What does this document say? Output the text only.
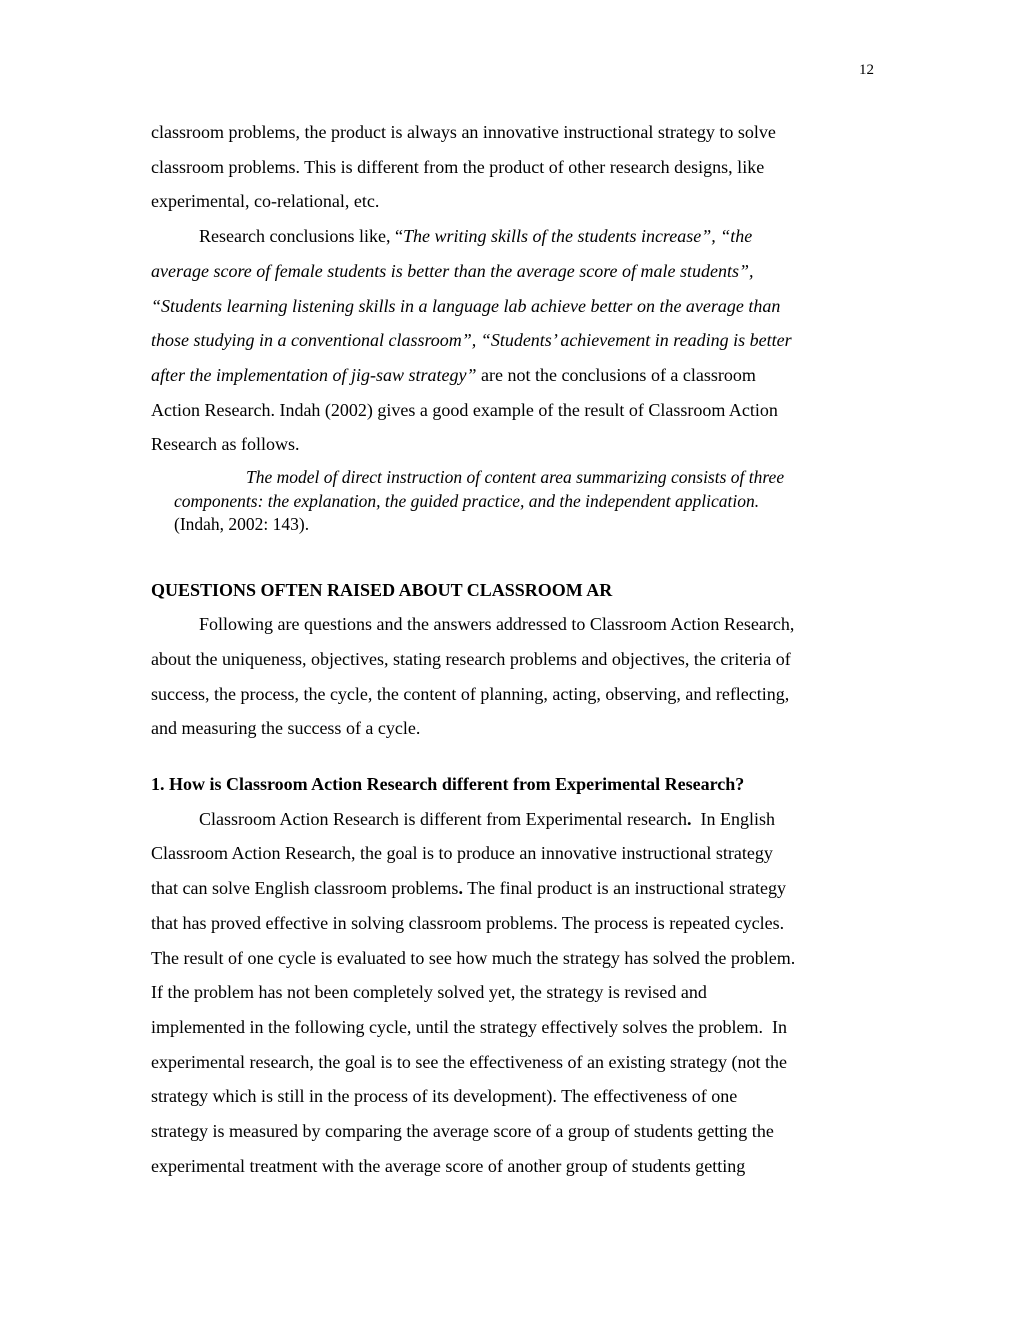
12
classroom problems, the product is always an innovative instructional strategy to solve
classroom problems. This is different from the product of other research designs, like
experimental, co-relational, etc.
Research conclusions like, “The writing skills of the students increase”, “the
average score of female students is better than the average score of male students”,
“Students learning listening skills in a language lab achieve better on the average than
those studying in a conventional classroom”, “Students’ achievement in reading is better
after the implementation of jig-saw strategy” are not the conclusions of a classroom
Action Research. Indah (2002) gives a good example of the result of Classroom Action
Research as follows.
The model of direct instruction of content area summarizing consists of three
components: the explanation, the guided practice, and the independent application.
(Indah, 2002: 143).
QUESTIONS OFTEN RAISED ABOUT CLASSROOM AR
Following are questions and the answers addressed to Classroom Action Research,
about the uniqueness, objectives, stating research problems and objectives, the criteria of
success, the process, the cycle, the content of planning, acting, observing, and reflecting,
and measuring the success of a cycle.
1. How is Classroom Action Research different from Experimental Research?
Classroom Action Research is different from Experimental research.  In English
Classroom Action Research, the goal is to produce an innovative instructional strategy
that can solve English classroom problems. The final product is an instructional strategy
that has proved effective in solving classroom problems. The process is repeated cycles.
The result of one cycle is evaluated to see how much the strategy has solved the problem.
If the problem has not been completely solved yet, the strategy is revised and
implemented in the following cycle, until the strategy effectively solves the problem.  In
experimental research, the goal is to see the effectiveness of an existing strategy (not the
strategy which is still in the process of its development). The effectiveness of one
strategy is measured by comparing the average score of a group of students getting the
experimental treatment with the average score of another group of students getting
